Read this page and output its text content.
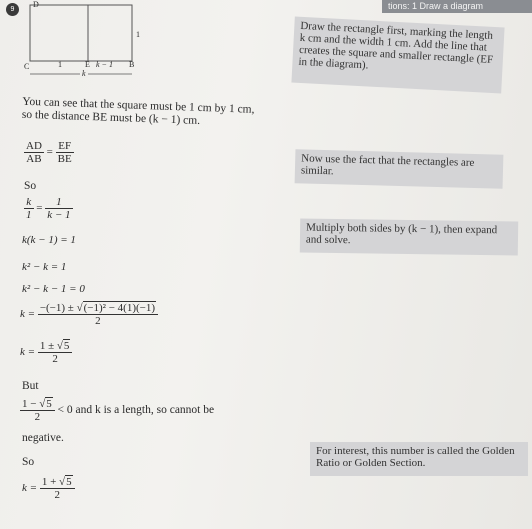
tions: 1 Draw a diagram
9
D
C	E	B
1
1	k − 1
k
Draw the rectangle first, marking the length k cm and the width 1 cm. Add the line that creates the square and smaller rectangle (EF in the diagram).
Now use the fact that the rectangles are similar.
Multiply both sides by (k − 1), then expand and solve.
For interest, this number is called the Golden Ratio or Golden Section.
You can see that the square must be 1 cm by 1 cm, so the distance BE must be (k − 1) cm.
$\frac{AD}{AB} = \frac{EF}{BE}$
So
$\frac{k}{1} = \frac{1}{k - 1}$
k(k − 1) = 1
k² − k = 1
k² − k − 1 = 0
$k = \frac{\text{−(−1) ± √(−1)² − 4(1)(−1)}}{2}$
$k = \frac{1 \pm √5}{2}$
But
$\frac{1 - √5}{2} < 0$ and k is a length, so cannot be
negative.
So
$k = \frac{1 + √5}{2}$
